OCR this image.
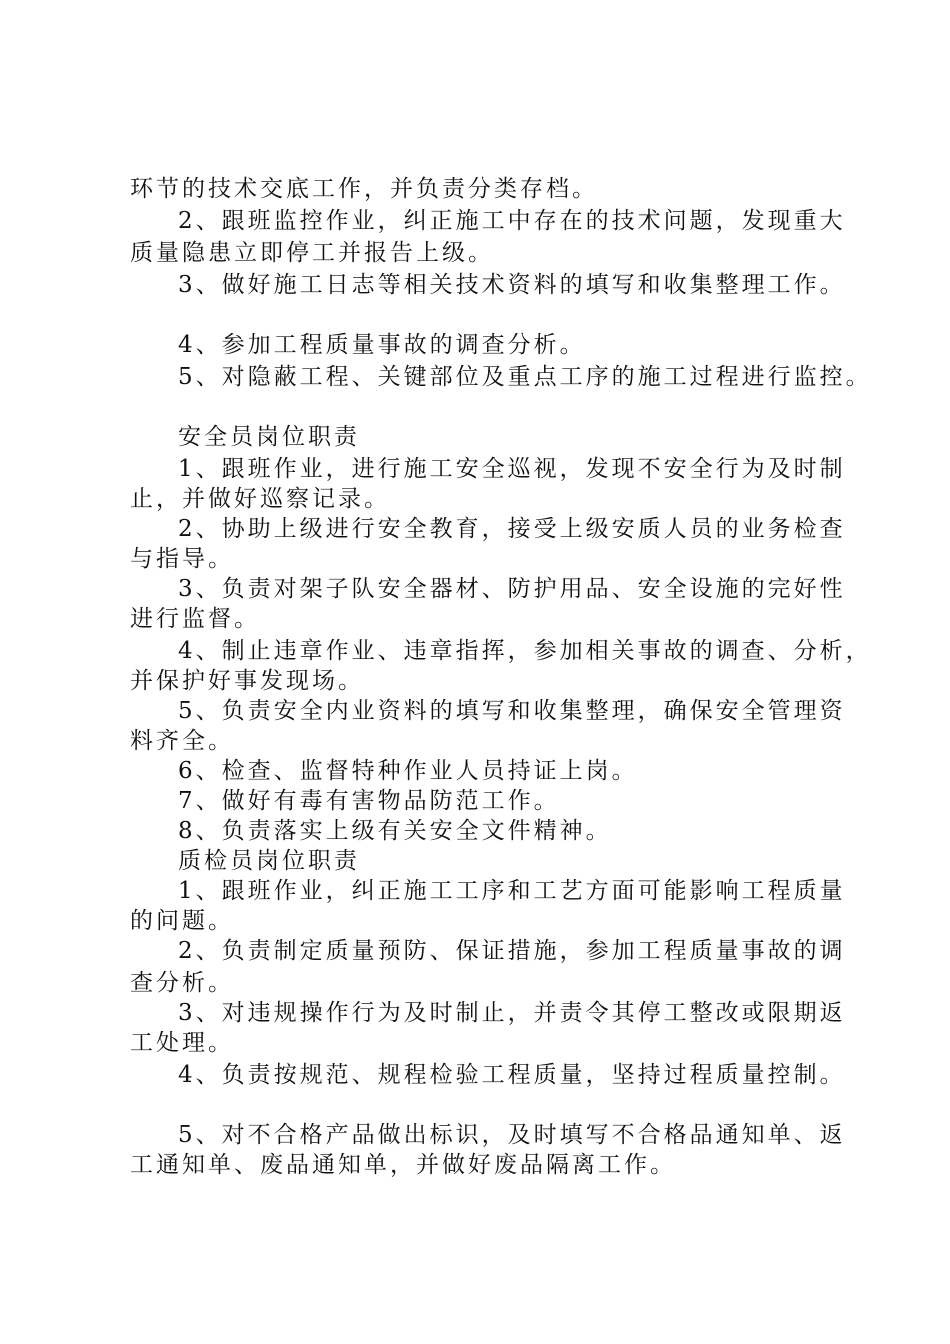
环节的技术交底工作，并负责分类存档。
2、跟班监控作业，纠正施工中存在的技术问题，发现重大
质量隐患立即停工并报告上级。
3、做好施工日志等相关技术资料的填写和收集整理工作。
4、参加工程质量事故的调查分析。
5、对隐蔽工程、关键部位及重点工序的施工过程进行监控。
安全员岗位职责
1、跟班作业，进行施工安全巡视，发现不安全行为及时制
止，并做好巡察记录。
2、协助上级进行安全教育，接受上级安质人员的业务检查
与指导。
3、负责对架子队安全器材、防护用品、安全设施的完好性
进行监督。
4、制止违章作业、违章指挥，参加相关事故的调查、分析，
并保护好事发现场。
5、负责安全内业资料的填写和收集整理，确保安全管理资
料齐全。
6、检查、监督特种作业人员持证上岗。
7、做好有毒有害物品防范工作。
8、负责落实上级有关安全文件精神。
质检员岗位职责
1、跟班作业，纠正施工工序和工艺方面可能影响工程质量
的问题。
2、负责制定质量预防、保证措施，参加工程质量事故的调
查分析。
3、对违规操作行为及时制止，并责令其停工整改或限期返
工处理。
4、负责按规范、规程检验工程质量，坚持过程质量控制。
5、对不合格产品做出标识，及时填写不合格品通知单、返
工通知单、废品通知单，并做好废品隔离工作。
